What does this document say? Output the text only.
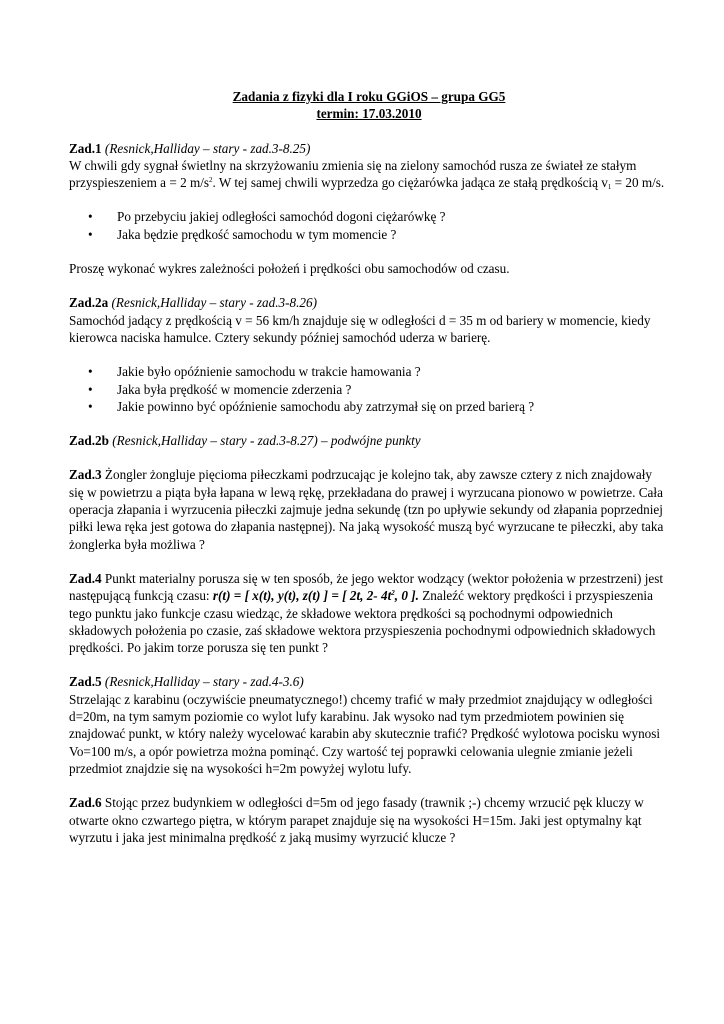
Zadania z fizyki dla I roku GGiOS – grupa GG5
termin: 17.03.2010

Zad.1 (Resnick,Halliday – stary - zad.3-8.25)

W chwili gdy sygnał świetlny na skrzyżowaniu zmienia się na zielony samochód rusza ze świateł ze stałym przyspieszeniem a = 2 $m/s^2$. W tej samej chwili wyprzedza go ciężarówka jadąca ze stałą prędkością $v_1 = 20$ m/s.

• Po przebyciu jakiej odległości samochód dogoni ciężarówkę ?
• Jaka będzie prędkość samochodu w tym momencie ?

Proszę wykonać wykres zależności położeń i prędkości obu samochodów od czasu.

Zad.2a (Resnick,Halliday – stary - zad.3-8.26)

Samochód jadący z prędkością v = 56 km/h znajduje się w odległości d = 35 m od bariery w momencie, kiedy kierowca naciska hamulce. Cztery sekundy później samochód uderza w barierę.

• Jakie było opóźnienie samochodu w trakcie hamowania ?
• Jaka była prędkość w momencie zderzenia ?
• Jakie powinno być opóźnienie samochodu aby zatrzymał się on przed barierą ?

Zad.2b (Resnick,Halliday – stary - zad.3-8.27) – podwójne punkty

Zad.3 Żongler żongluje pięcioma piłeczkami podrzucając je kolejno tak, aby zawsze cztery z nich znajdowały się w powietrzu a piąta była łapana w lewą rękę, przekładana do prawej i wyrzucana pionowo w powietrze. Cała operacja złapania i wyrzucenia piłeczki zajmuje jedna sekundę (tzn po upływie sekundy od złapania poprzedniej piłki lewa ręka jest gotowa do złapania następnej). Na jaką wysokość muszą być wyrzucane te piłeczki, aby taka żonglerka była możliwa ?

Zad.4 Punkt materialny porusza się w ten sposób, że jego wektor wodzący (wektor położenia w przestrzeni) jest następującą funkcją czasu: r(t) = [ x(t), y(t), z(t) ] = [ 2t, 2- $4t^2$, 0 ]. Znaleźć wektory prędkości i przyspieszenia tego punktu jako funkcje czasu wiedząc, że składowe wektora prędkości są pochodnymi odpowiednich składowych położenia po czasie, zaś składowe wektora przyspieszenia pochodnymi odpowiednich składowych prędkości. Po jakim torze porusza się ten punkt ?

Zad.5 (Resnick,Halliday – stary - zad.4-3.6)

Strzelając z karabinu (oczywiście pneumatycznego!) chcemy trafić w mały przedmiot znajdujący w odległości d=20m, na tym samym poziomie co wylot lufy karabinu. Jak wysoko nad tym przedmiotem powinien się znajdować punkt, w który należy wycelować karabin aby skutecznie trafić? Prędkość wylotowa pocisku wynosi Vo=100 m/s, a opór powietrza można pominąć. Czy wartość tej poprawki celowania ulegnie zmianie jeżeli przedmiot znajdzie się na wysokości h=2m powyżej wylotu lufy.

Zad.6 Stojąc przez budynkiem w odległości d=5m od jego fasady (trawnik ;-) chcemy wrzucić pęk kluczy w otwarte okno czwartego piętra, w którym parapet znajduje się na wysokości H=15m. Jaki jest optymalny kąt wyrzutu i jaka jest minimalna prędkość z jaką musimy wyrzucić klucze ?
